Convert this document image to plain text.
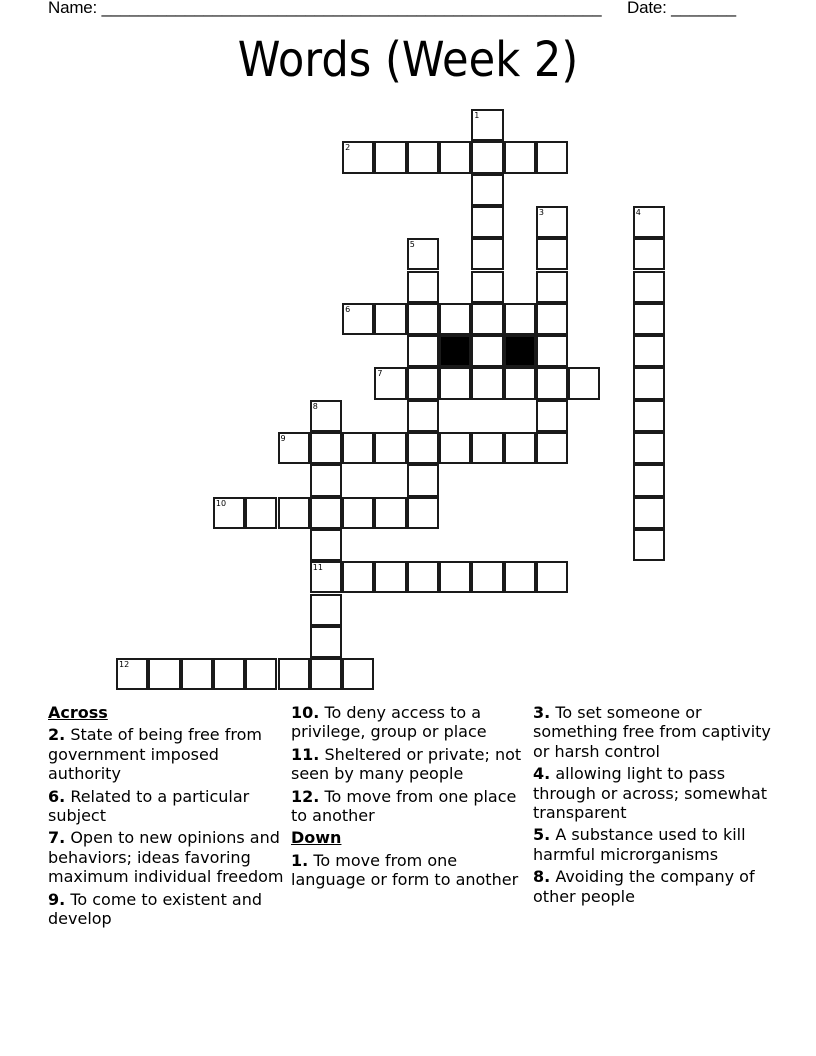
Name: ______________________________________________________ Date: _______
Words (Week 2)
1
2
3	4
5
6
7
8
9
10
11
12
Across
2. State of being free from government imposed authority
6. Related to a particular subject
7. Open to new opinions and behaviors; ideas favoring maximum individual freedom
9. To come to existent and develop
10. To deny access to a privilege, group or place
11. Sheltered or private; not seen by many people
12. To move from one place to another
Down
1. To move from one language or form to another
3. To set someone or something free from captivity or harsh control
4. allowing light to pass through or across; somewhat transparent
5. A substance used to kill harmful microrganisms
8. Avoiding the company of other people
